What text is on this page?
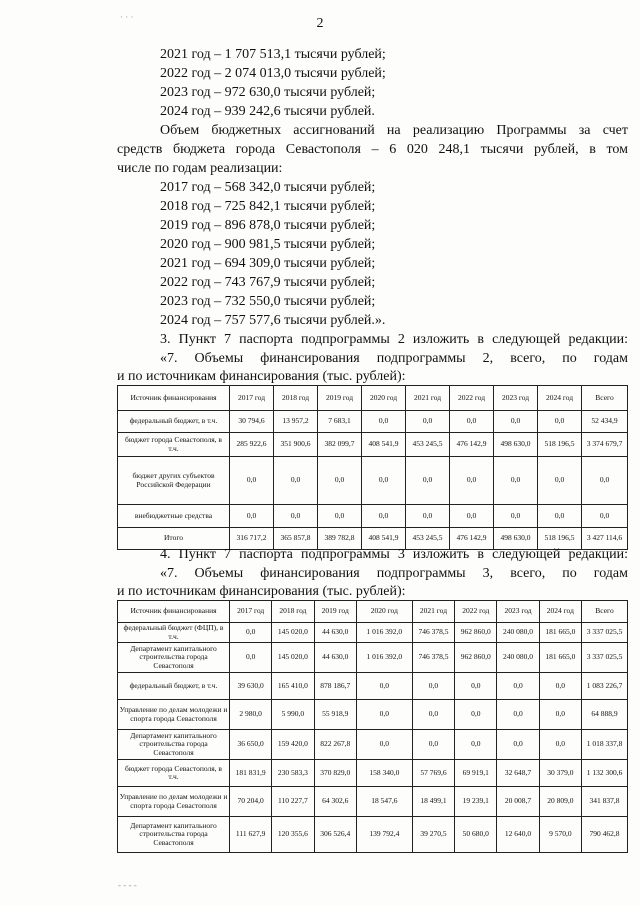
2
· · ·
2021 год – 1 707 513,1 тысячи рублей;
2022 год – 2 074 013,0 тысячи рублей;
2023 год – 972 630,0 тысячи рублей;
2024 год – 939 242,6 тысячи рублей.
Объем бюджетных ассигнований на реализацию Программы за счет
средств бюджета города Севастополя – 6 020 248,1 тысячи рублей, в том
числе по годам реализации:
2017 год – 568 342,0 тысячи рублей;
2018 год – 725 842,1 тысячи рублей;
2019 год – 896 878,0 тысячи рублей;
2020 год – 900 981,5 тысячи рублей;
2021 год – 694 309,0 тысячи рублей;
2022 год – 743 767,9 тысячи рублей;
2023 год – 732 550,0 тысячи рублей;
2024 год – 757 577,6 тысячи рублей.».
3. Пункт 7 паспорта подпрограммы 2 изложить в следующей редакции:
«7. Объемы финансирования подпрограммы 2, всего, по годам
и по источникам финансирования (тыс. рублей):
Источник финансирования	2017 год	2018 год	2019 год	2020 год	2021 год	2022 год	2023 год	2024 год	Всего
федеральный бюджет, в т.ч.	30 794,6	13 957,2	7 683,1	0,0	0,0	0,0	0,0	0,0	52 434,9
бюджет города Севастополя, в т.ч.	285 922,6	351 900,6	382 099,7	408 541,9	453 245,5	476 142,9	498 630,0	518 196,5	3 374 679,7
бюджет других субъектов Российской Федерации	0,0	0,0	0,0	0,0	0,0	0,0	0,0	0,0	0,0
внебюджетные средства	0,0	0,0	0,0	0,0	0,0	0,0	0,0	0,0	0,0
Итого	316 717,2	365 857,8	389 782,8	408 541,9	453 245,5	476 142,9	498 630,0	518 196,5	3 427 114,6
4. Пункт 7 паспорта подпрограммы 3 изложить в следующей редакции:
«7. Объемы финансирования подпрограммы 3, всего, по годам
и по источникам финансирования (тыс. рублей):
Источник финансирования	2017 год	2018 год	2019 год	2020 год	2021 год	2022 год	2023 год	2024 год	Всего
федеральный бюджет (ФЦП), в т.ч.	0,0	145 020,0	44 630,0	1 016 392,0	746 378,5	962 860,0	240 080,0	181 665,0	3 337 025,5
Департамент капитального строительства города Севастополя	0,0	145 020,0	44 630,0	1 016 392,0	746 378,5	962 860,0	240 080,0	181 665,0	3 337 025,5
федеральный бюджет, в т.ч.	39 630,0	165 410,0	878 186,7	0,0	0,0	0,0	0,0	0,0	1 083 226,7
Управление по делам молодежи и спорта города Севастополя	2 980,0	5 990,0	55 918,9	0,0	0,0	0,0	0,0	0,0	64 888,9
Департамент капитального строительства города Севастополя	36 650,0	159 420,0	822 267,8	0,0	0,0	0,0	0,0	0,0	1 018 337,8
бюджет города Севастополя, в т.ч.	181 831,9	230 583,3	370 829,0	158 340,0	57 769,6	69 919,1	32 648,7	30 379,0	1 132 300,6
Управление по делам молодежи и спорта города Севастополя	70 204,0	110 227,7	64 302,6	18 547,6	18 499,1	19 239,1	20 008,7	20 809,0	341 837,8
Департамент капитального строительства города Севастополя	111 627,9	120 355,6	306 526,4	139 792,4	39 270,5	50 680,0	12 640,0	9 570,0	790 462,8
- - - -
